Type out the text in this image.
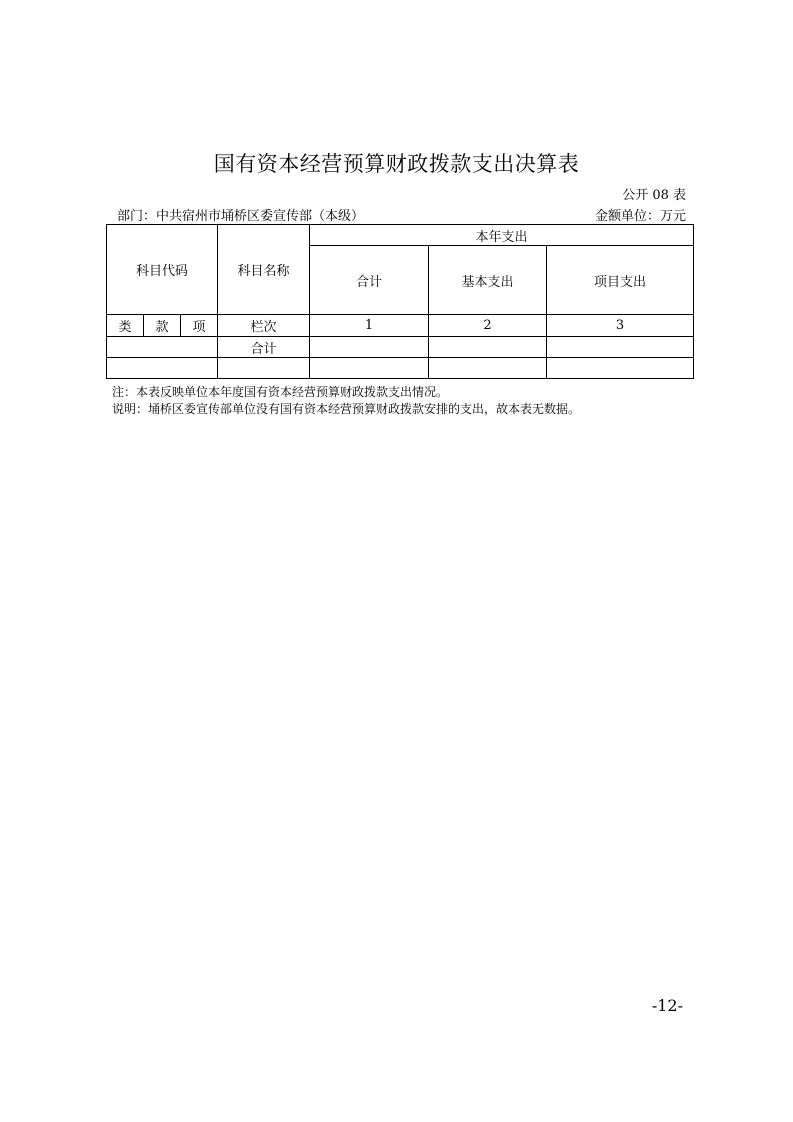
国有资本经营预算财政拨款支出决算表
公开 08 表
部门：中共宿州市埇桥区委宣传部（本级）	金额单位：万元
科目代码			科目名称	本年支出		
				合计	基本支出	项目支出
类	款	项	栏次	1	2	3
			合计			

注：本表反映单位本年度国有资本经营预算财政拨款支出情况。
说明：埇桥区委宣传部单位没有国有资本经营预算财政拨款安排的支出，故本表无数据。
-12-
